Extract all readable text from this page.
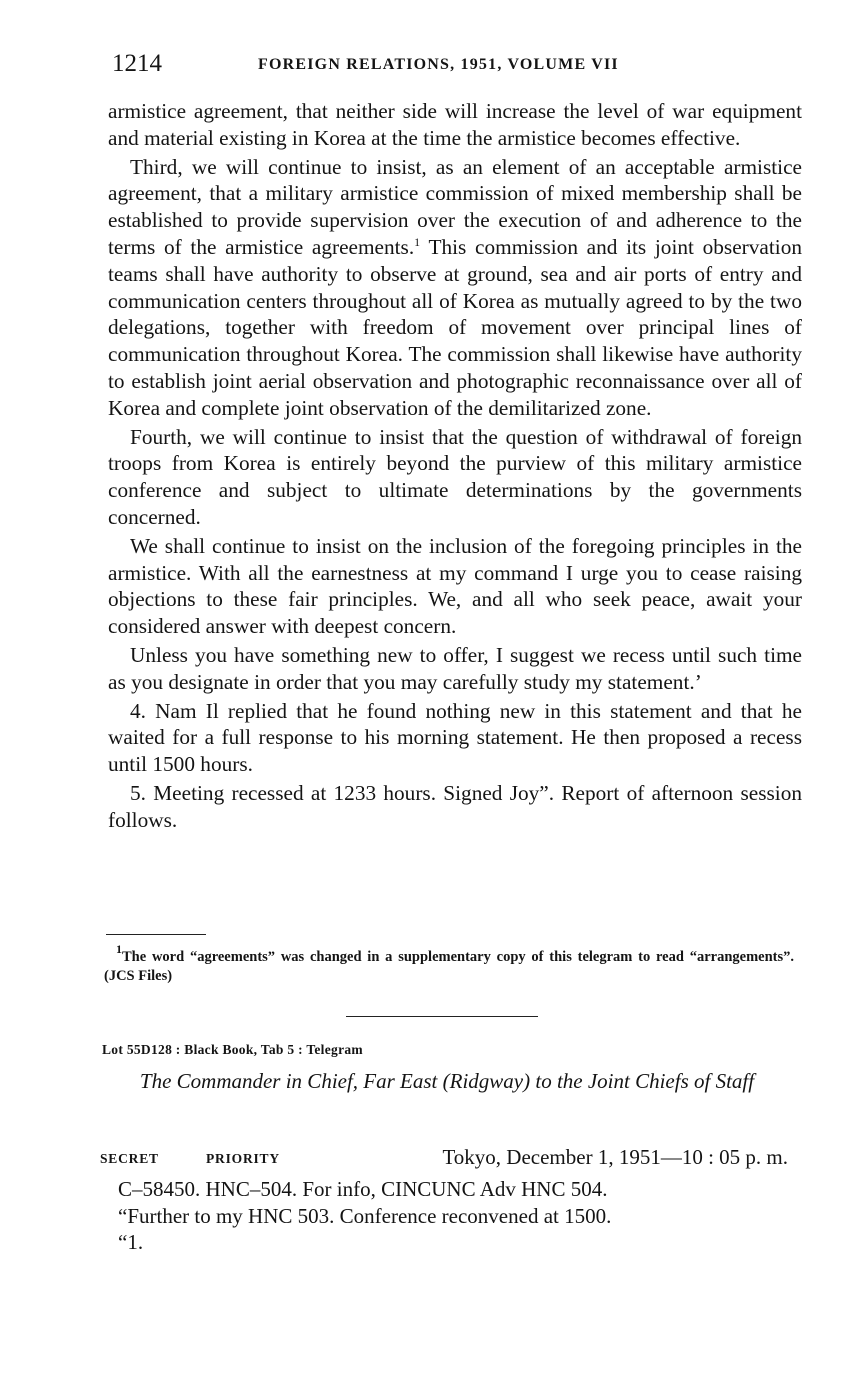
1214	FOREIGN RELATIONS, 1951, VOLUME VII

armistice agreement, that neither side will increase the level of war equipment and material existing in Korea at the time the armistice becomes effective.

Third, we will continue to insist, as an element of an acceptable armistice agreement, that a military armistice commission of mixed membership shall be established to provide supervision over the execution of and adherence to the terms of the armistice agreements.$^1$ This commission and its joint observation teams shall have authority to observe at ground, sea and air ports of entry and communication centers throughout all of Korea as mutually agreed to by the two delegations, together with freedom of movement over principal lines of communication throughout Korea. The commission shall likewise have authority to establish joint aerial observation and photographic reconnaissance over all of Korea and complete joint observation of the demilitarized zone.

Fourth, we will continue to insist that the question of withdrawal of foreign troops from Korea is entirely beyond the purview of this military armistice conference and subject to ultimate determinations by the governments concerned.

We shall continue to insist on the inclusion of the foregoing principles in the armistice. With all the earnestness at my command I urge you to cease raising objections to these fair principles. We, and all who seek peace, await your considered answer with deepest concern.

Unless you have something new to offer, I suggest we recess until such time as you designate in order that you may carefully study my statement.’

4. Nam Il replied that he found nothing new in this statement and that he waited for a full response to his morning statement. He then proposed a recess until 1500 hours.

5. Meeting recessed at 1233 hours. Signed Joy”. Report of afternoon session follows.

$^1$The word “agreements” was changed in a supplementary copy of this telegram to read “arrangements”. (JCS Files)
Lot 55D128 : Black Book, Tab 5 : Telegram
The Commander in Chief, Far East (Ridgway) to the Joint Chiefs of Staff
SECRET	PRIORITY	Tokyo, December 1, 1951—10 : 05 p. m.
C–58450. HNC–504. For info, CINCUNC Adv HNC 504.
“Further to my HNC 503. Conference reconvened at 1500.
“1.
